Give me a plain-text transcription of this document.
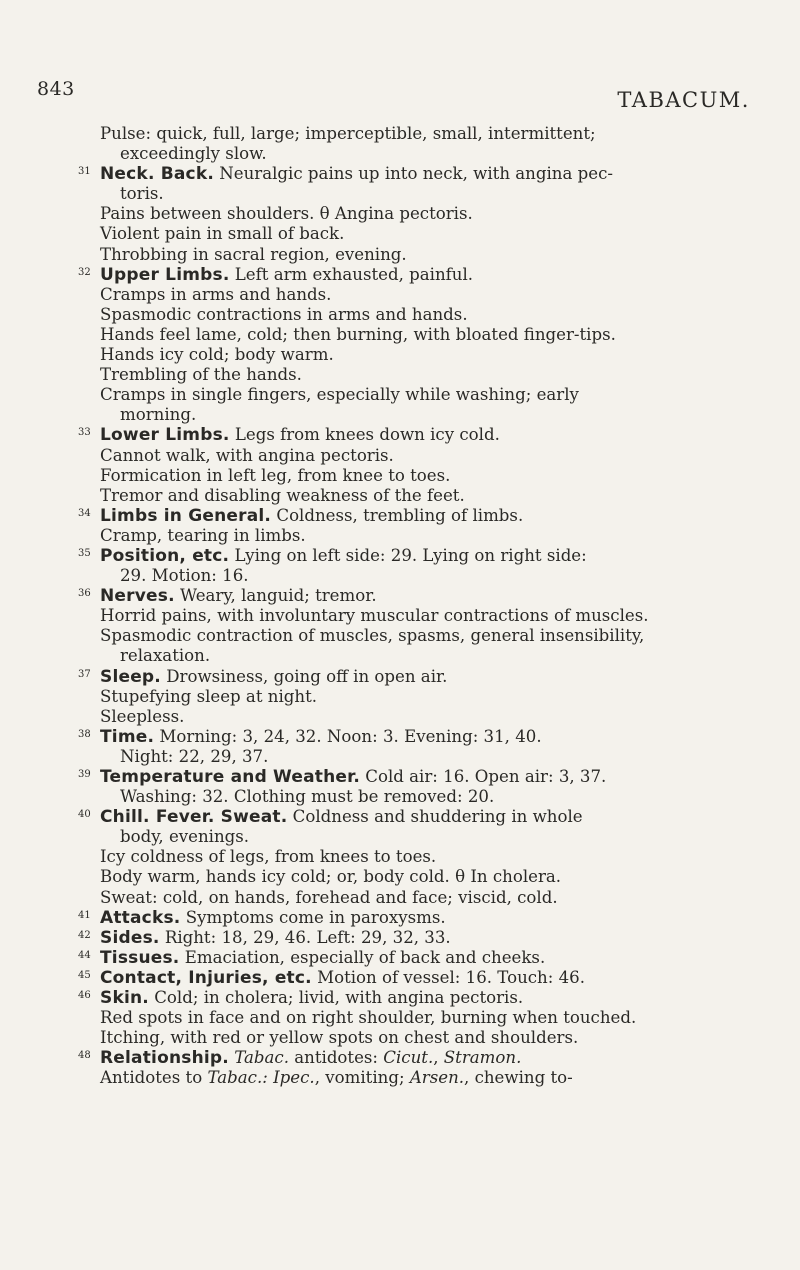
843	TABACUM.
Pulse: quick, full, large; imperceptible, small, intermittent;
exceedingly slow.
31 Neck. Back. Neuralgic pains up into neck, with angina pec-
toris.
Pains between shoulders. θ Angina pectoris.
Violent pain in small of back.
Throbbing in sacral region, evening.
32 Upper Limbs. Left arm exhausted, painful.
Cramps in arms and hands.
Spasmodic contractions in arms and hands.
Hands feel lame, cold; then burning, with bloated finger-tips.
Hands icy cold; body warm.
Trembling of the hands.
Cramps in single fingers, especially while washing; early
morning.
33 Lower Limbs. Legs from knees down icy cold.
Cannot walk, with angina pectoris.
Formication in left leg, from knee to toes.
Tremor and disabling weakness of the feet.
34 Limbs in General. Coldness, trembling of limbs.
Cramp, tearing in limbs.
35 Position, etc. Lying on left side: 29. Lying on right side:
29. Motion: 16.
36 Nerves. Weary, languid; tremor.
Horrid pains, with involuntary muscular contractions of muscles.
Spasmodic contraction of muscles, spasms, general insensibility,
relaxation.
37 Sleep. Drowsiness, going off in open air.
Stupefying sleep at night.
Sleepless.
38 Time. Morning: 3, 24, 32. Noon: 3. Evening: 31, 40.
Night: 22, 29, 37.
39 Temperature and Weather. Cold air: 16. Open air: 3, 37.
Washing: 32. Clothing must be removed: 20.
40 Chill. Fever. Sweat. Coldness and shuddering in whole
body, evenings.
Icy coldness of legs, from knees to toes.
Body warm, hands icy cold; or, body cold. θ In cholera.
Sweat: cold, on hands, forehead and face; viscid, cold.
41 Attacks. Symptoms come in paroxysms.
42 Sides. Right: 18, 29, 46. Left: 29, 32, 33.
44 Tissues. Emaciation, especially of back and cheeks.
45 Contact, Injuries, etc. Motion of vessel: 16. Touch: 46.
46 Skin. Cold; in cholera; livid, with angina pectoris.
Red spots in face and on right shoulder, burning when touched.
Itching, with red or yellow spots on chest and shoulders.
48 Relationship. Tabac. antidotes: Cicut., Stramon.
Antidotes to Tabac.: Ipec., vomiting; Arsen., chewing to-
